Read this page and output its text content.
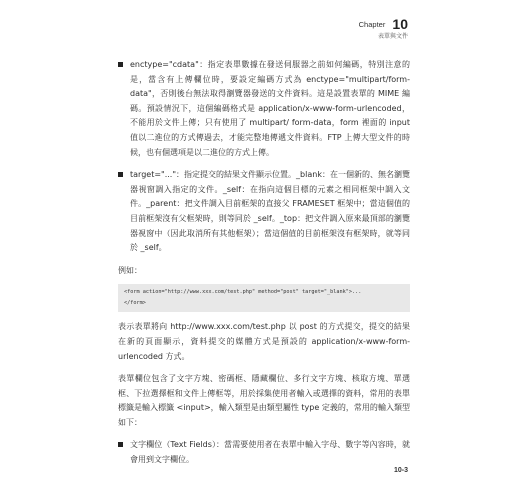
Chapter 10
表單與文件
enctype="cdata"：指定表單數據在發送伺服器之前如何編碼，特別注意的是，當含有上傳欄位時，要設定編碼方式為 enctype="multipart/form-data"，否則後台無法取得瀏覽器發送的文件資料。這是設置表單的 MIME 編碼。預設情況下，這個編碼格式是 application/x-www-form-urlencoded，不能用於文件上傳；只有使用了 multipart/ form-data，form 裡面的 input 值以二進位的方式傳過去，才能完整地傳遞文件資料。FTP 上傳大型文件的時候，也有個選項是以二進位的方式上傳。
target="..."：指定提交的結果文件顯示位置。_blank：在一個新的、無名瀏覽器視窗調入指定的文件。_self：在指向這個目標的元素之相同框架中調入文件。_parent：把文件調入目前框架的直接父 FRAMESET 框架中；當這個值的目前框架沒有父框架時，則等同於 _self。_top：把文件調入原來最頂部的瀏覽器視窗中（因此取消所有其他框架）；當這個值的目前框架沒有框架時，就等同於 _self。
例如：
<form action="http://www.xxx.com/test.php" method="post" target="_blank">...
</form>
表示表單將向 http://www.xxx.com/test.php 以 post 的方式提交，提交的結果在新的頁面顯示，資料提交的媒體方式是預設的 application/x-www-form-urlencoded 方式。
表單欄位包含了文字方塊、密碼框、隱藏欄位、多行文字方塊、核取方塊、單選框、下拉選擇框和文件上傳框等，用於採集使用者輸入或選擇的資料，常用的表單標籤是輸入標籤 <input>，輸入類型是由類型屬性 type 定義的，常用的輸入類型如下：
文字欄位（Text Fields）：當需要使用者在表單中輸入字母、數字等內容時，就會用到文字欄位。
10-3
